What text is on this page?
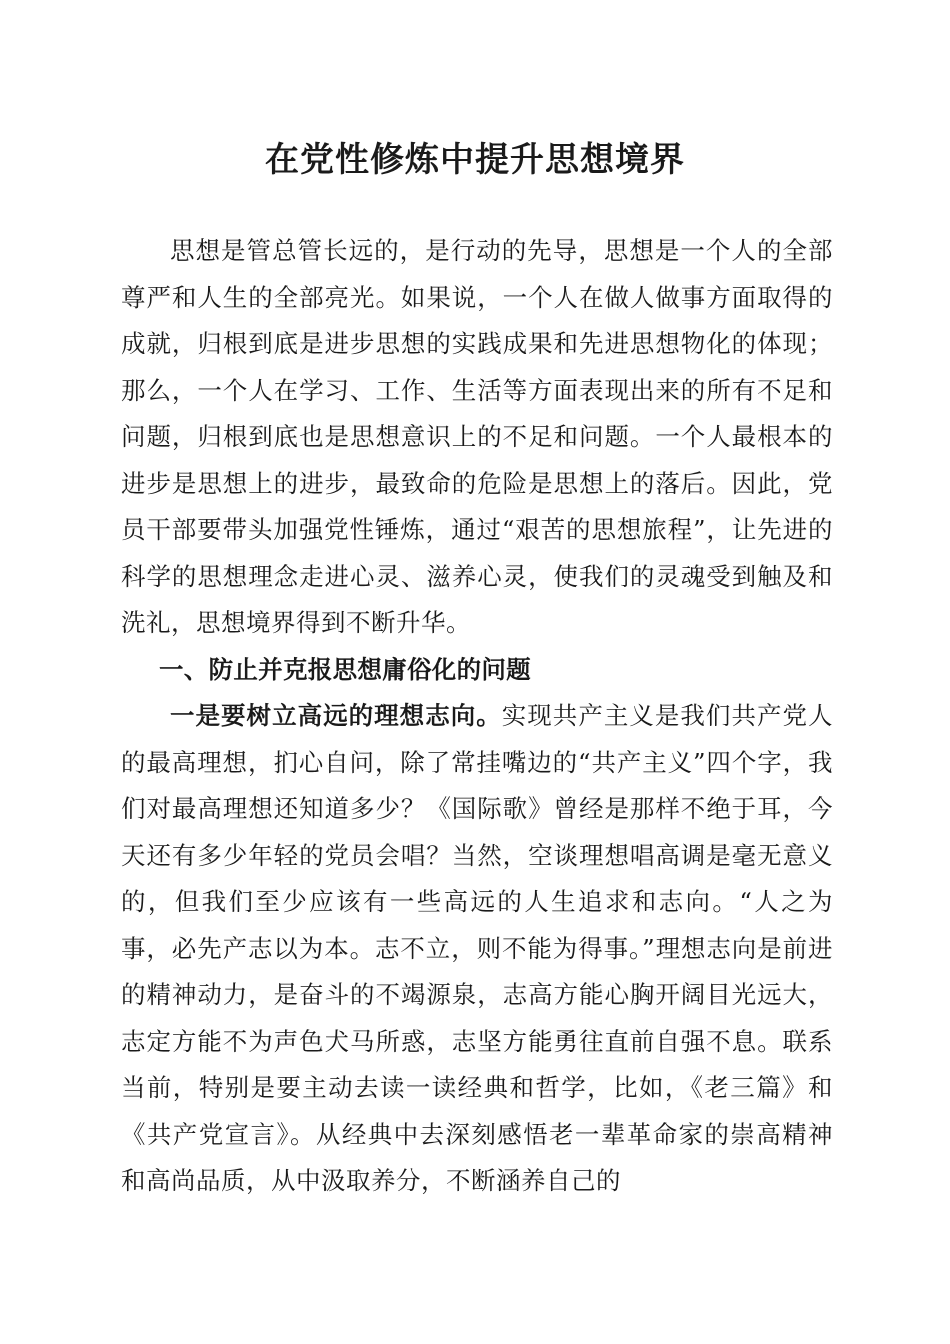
在党性修炼中提升思想境界

思想是管总管长远的，是行动的先导，思想是一个人的全部尊严和人生的全部亮光。如果说，一个人在做人做事方面取得的成就，归根到底是进步思想的实践成果和先进思想物化的体现；那么，一个人在学习、工作、生活等方面表现出来的所有不足和问题，归根到底也是思想意识上的不足和问题。一个人最根本的进步是思想上的进步，最致命的危险是思想上的落后。因此，党员干部要带头加强党性锤炼，通过“艰苦的思想旅程”，让先进的科学的思想理念走进心灵、滋养心灵，使我们的灵魂受到触及和洗礼，思想境界得到不断升华。

一、防止并克报思想庸俗化的问题

一是要树立高远的理想志向。实现共产主义是我们共产党人的最高理想，扪心自问，除了常挂嘴边的“共产主义”四个字，我们对最高理想还知道多少？《国际歌》曾经是那样不绝于耳，今天还有多少年轻的党员会唱？当然，空谈理想唱高调是毫无意义的，但我们至少应该有一些高远的人生追求和志向。“人之为事，必先产志以为本。志不立，则不能为得事。”理想志向是前进的精神动力，是奋斗的不竭源泉，志高方能心胸开阔目光远大，志定方能不为声色犬马所惑，志坚方能勇往直前自强不息。联系当前，特别是要主动去读一读经典和哲学，比如，《老三篇》和《共产党宣言》。从经典中去深刻感悟老一辈革命家的崇高精神和高尚品质，从中汲取养分，不断涵养自己的
